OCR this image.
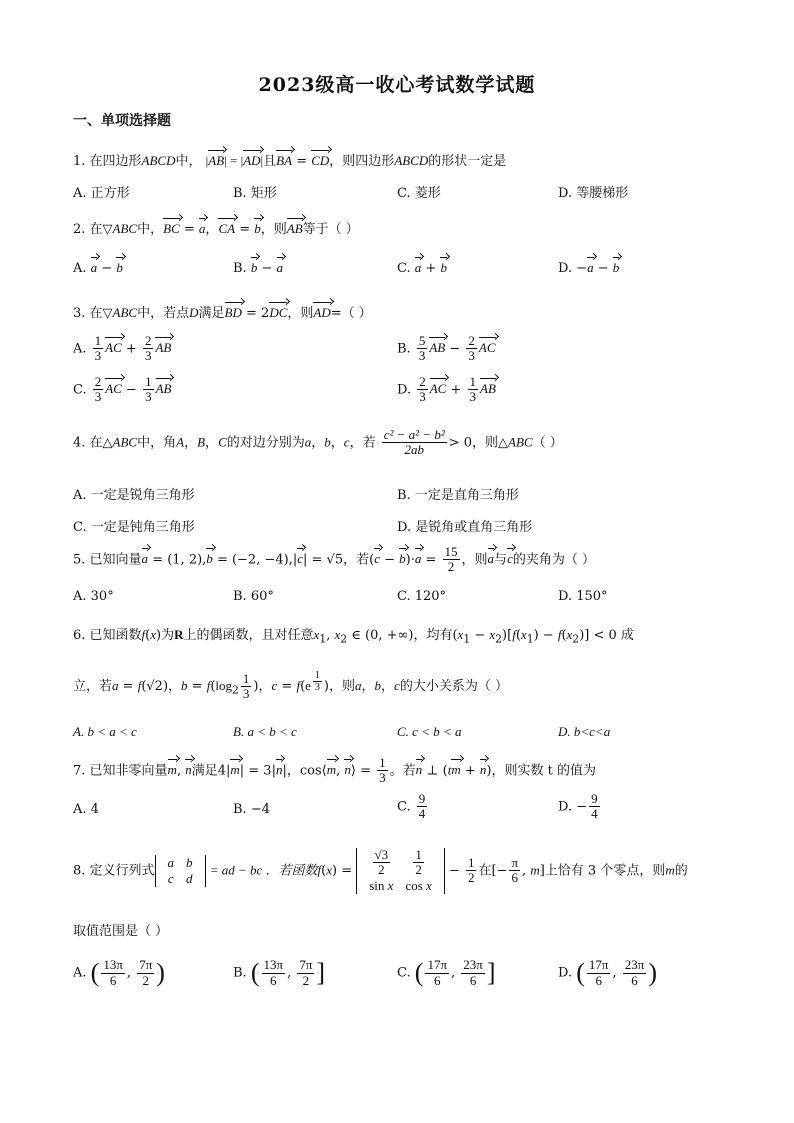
2023级高一收心考试数学试题
一、单项选择题
1. 在四边形ABCD中， |AB| = |AD|且BA = CD，则四边形ABCD的形状一定是
A. 正方形	B. 矩形	C. 菱形	D. 等腰梯形
2. 在▽ABC中，BC = a，CA = b，则AB等于（ ）
A. a − b	B. b − a	C. a + b	D. −a − b
3. 在▽ABC中，若点D满足BD = 2DC，则AD=（ ）
A. $\frac{1}{3}$ AC + $\frac{2}{3}$ AB	B. $\frac{5}{3}$ AB − $\frac{2}{3}$ AC
C. $\frac{2}{3}$ AC − $\frac{1}{3}$ AB	D. $\frac{2}{3}$ AC + $\frac{1}{3}$ AB
4. 在△ABC中，角A，B，C的对边分别为a，b，c，若 $\frac{\text{c² − a² − b²}}{2ab} > 0$，则△ABC（ ）
A. 一定是锐角三角形	B. 一定是直角三角形
C. 一定是钝角三角形	D. 是锐角或直角三角形
5. 已知向量a = (1, 2),b = (−2, −4),|c| = √5，若$(c - b)\cdot a = \frac{15}{2}$ ，则a与c的夹角为（ ）
A. 30°	B. 60°	C. 120°	D. 150°
6. 已知函数f(x)为R上的偶函数，且对任意$x_1$, $x_2$ ∈ (0, +∞)，均有$(x_1 - x_2)[f(x_1) - f(x_2)] < 0$ 成
立，若a = f(√2)，$b = f(\log_2 \frac{1}{3}$ )，c = f(e $^{\frac{1}{3}}$ )，则a，b，c的大小关系为（ ）
A. b < a < c	B. a < b < c	C. c < b < a	D. b<c<a
7. 已知非零向量m, n满足4|m| = 3|n|，cos⟨m, n⟩ = $\frac{1}{3}$ 。若n ⊥ (tm + n)，则实数 t 的值为
A. 4	B. −4	C. $\frac{9}{4}$	D. − $\frac{9}{4}$
8. 定义行列式
a	b
c	d
= ad − bc ．若函数$f(x) = \frac{√3}{2}$	$\frac{1}{2}$

sin x	cos x
− $\frac{1}{2}$ 在[− $\frac{\pi}{6}$ , m]上恰有 3 个零点，则m的
取值范围是（ ）
A. ( $\frac{13\pi}{6}$ , $\frac{7\pi}{2}$ )	B. ( $\frac{13\pi}{6}$ , $\frac{7\pi}{2}$ ]	C. ( $\frac{17\pi}{6}$ , $\frac{23\pi}{6}$ ]	D. ( $\frac{17\pi}{6}$ , $\frac{23\pi}{6}$ )
